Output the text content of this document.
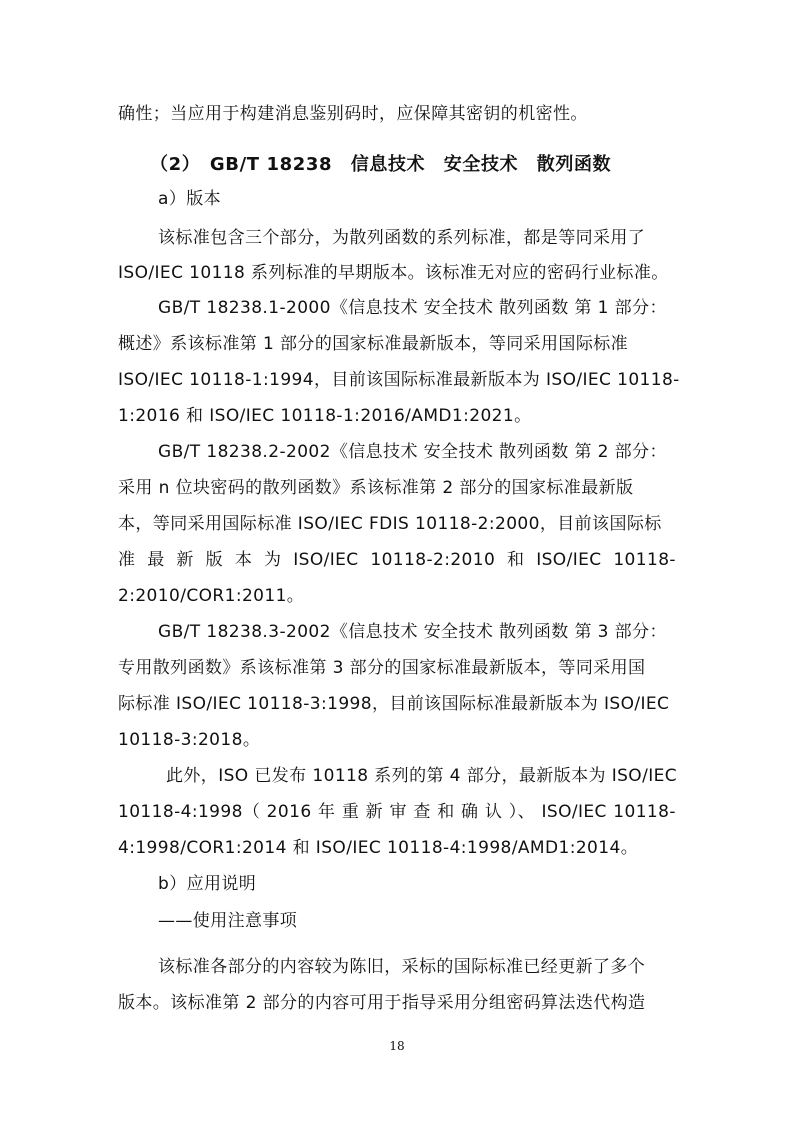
确性；当应用于构建消息鉴别码时，应保障其密钥的机密性。
（2）　GB/T 18238　信息技术　安全技术　散列函数
a）版本
该标准包含三个部分，为散列函数的系列标准，都是等同采用了
ISO/IEC 10118 系列标准的早期版本。该标准无对应的密码行业标准。
GB/T 18238.1-2000《信息技术 安全技术 散列函数 第 1 部分：
概述》系该标准第 1 部分的国家标准最新版本，等同采用国际标准
ISO/IEC 10118-1:1994，目前该国际标准最新版本为 ISO/IEC 10118-
1:2016 和 ISO/IEC 10118-1:2016/AMD1:2021。
GB/T 18238.2-2002《信息技术 安全技术 散列函数 第 2 部分：
采用 n 位块密码的散列函数》系该标准第 2 部分的国家标准最新版
本，等同采用国际标准 ISO/IEC FDIS 10118-2:2000，目前该国际标
准 最 新 版 本 为 ISO/IEC 10118-2:2010 和 ISO/IEC 10118-
2:2010/COR1:2011。
GB/T 18238.3-2002《信息技术 安全技术 散列函数 第 3 部分：
专用散列函数》系该标准第 3 部分的国家标准最新版本，等同采用国
际标准 ISO/IEC 10118-3:1998，目前该国际标准最新版本为 ISO/IEC
10118-3:2018。
此外，ISO 已发布 10118 系列的第 4 部分，最新版本为 ISO/IEC
10118-4:1998（ 2016 年 重 新 审 查 和 确 认 ）、 ISO/IEC 10118-
4:1998/COR1:2014 和 ISO/IEC 10118-4:1998/AMD1:2014。
b）应用说明
——使用注意事项
该标准各部分的内容较为陈旧，采标的国际标准已经更新了多个
版本。该标准第 2 部分的内容可用于指导采用分组密码算法迭代构造
18
